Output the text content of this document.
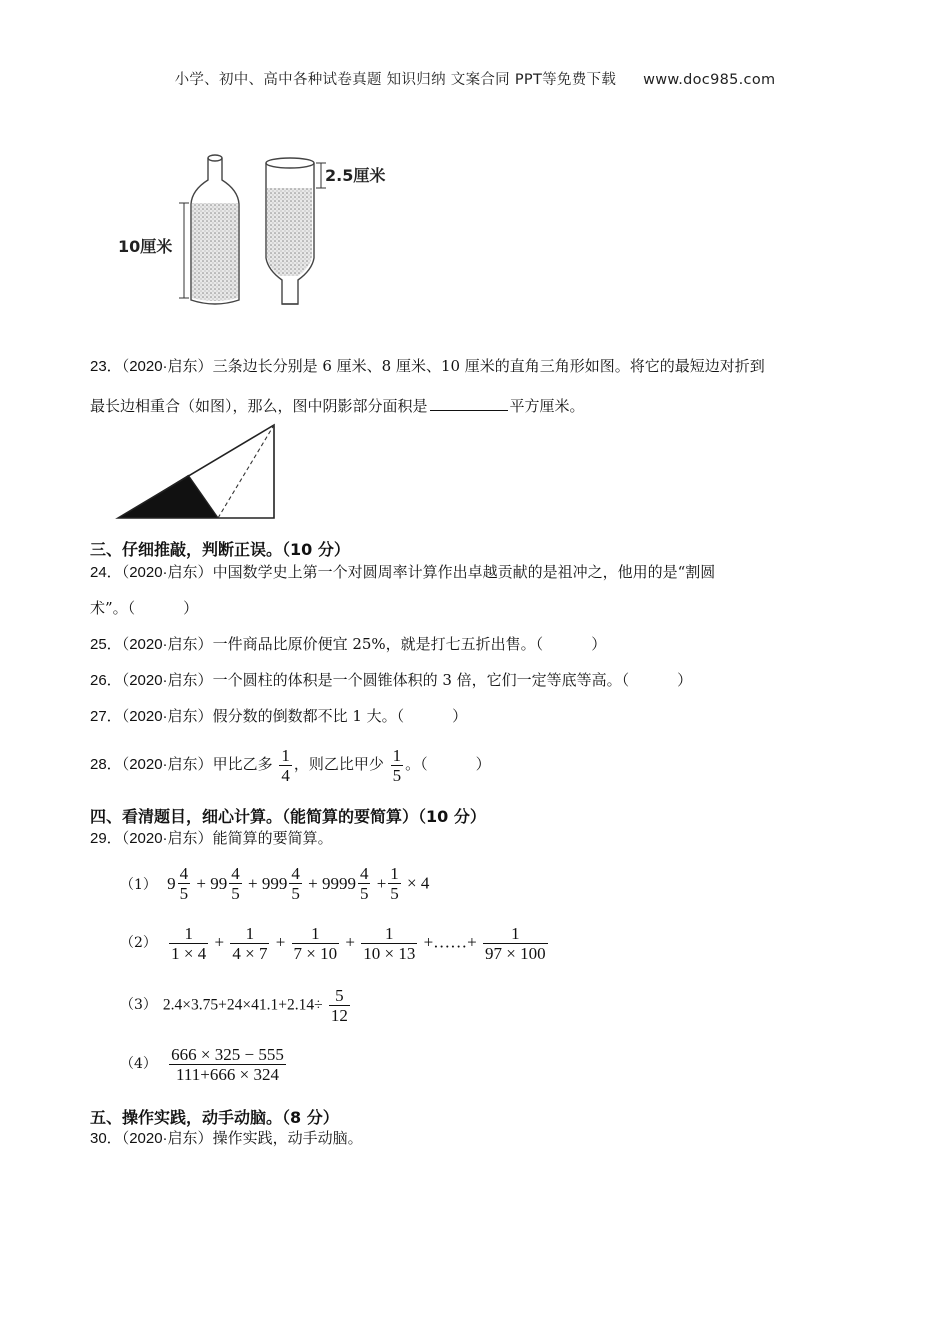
小学、初中、高中各种试卷真题 知识归纳 文案合同 PPT等免费下载 www.doc985.com
10厘米
2.5厘米
23．（2020·启东）三条边长分别是 6 厘米、8 厘米、10 厘米的直角三角形如图。将它的最短边对折到
最长边相重合（如图），那么，图中阴影部分面积是	平方厘米。
三、仔细推敲，判断正误。（10 分）
24．（2020·启东）中国数学史上第一个对圆周率计算作出卓越贡献的是祖冲之，他用的是“割圆
术”。（	）
25．（2020·启东）一件商品比原价便宜 25%，就是打七五折出售。（	）
26．（2020·启东）一个圆柱的体积是一个圆锥体积的 3 倍，它们一定等底等高。（	）
27．（2020·启东）假分数的倒数都不比 1 大。（	）
28．（2020·启东）甲比乙多 $\frac{1}{4}$ ，则乙比甲少 $\frac{1}{5}$ 。（	）
四、看清题目，细心计算。（能简算的要简算）（10 分）
29．（2020·启东）能简算的要简算。
（1） $9 \frac{4}{5}$
+ $99 \frac{4}{5}$
+ $999 \frac{4}{5}$
+ $9999 \frac{4}{5}$
+ $\frac{1}{5} \times 4$
$(2) \frac{1}{1 \times 4} + \frac{1}{4 \times 7} + \frac{1}{7 \times 10} + \frac{1}{10 \times 13}$ +……+ $\frac{1}{97 \times 100}$
（3） $2.4\times 3.75+24\times 41.1+2.14\div \frac{5}{12}$
$(4) \frac{666 \times 325 - 555}{111+666 \times 324}$
五、操作实践，动手动脑。（8 分）
30．（2020·启东）操作实践，动手动脑。
